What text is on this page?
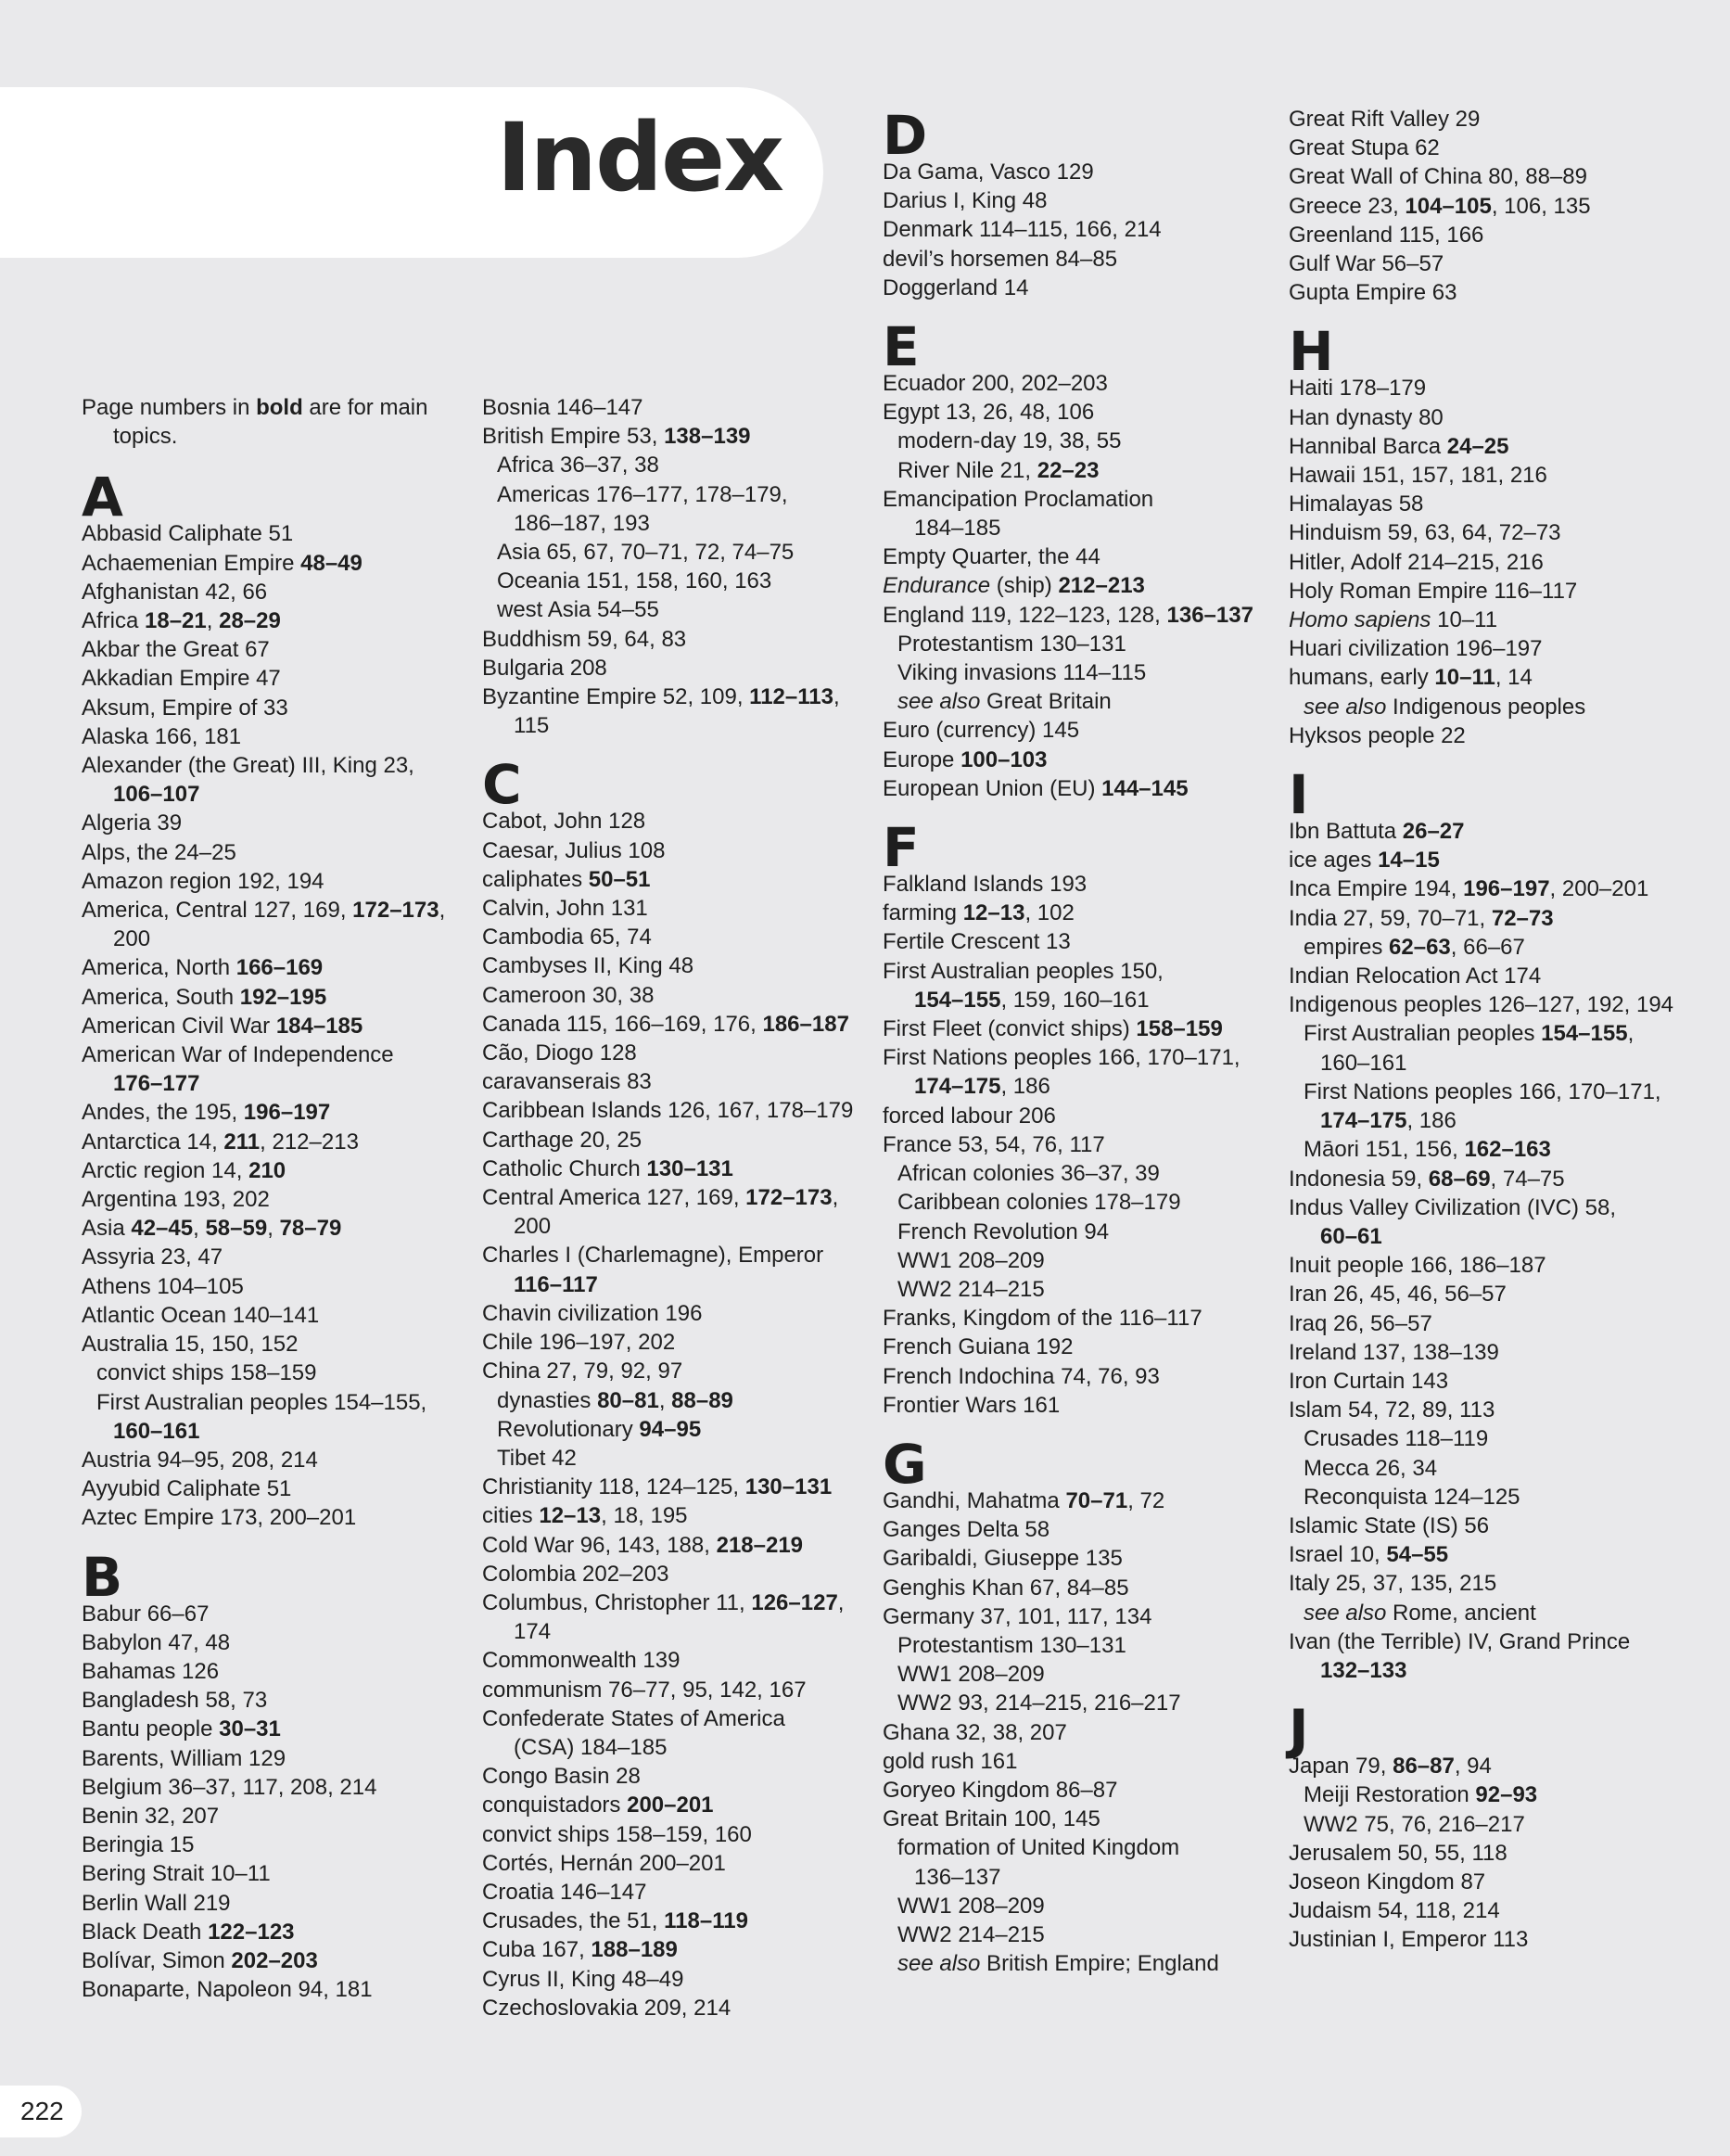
Index
Page numbers in bold are for main topics.
A
Abbasid Caliphate 51
Achaemenian Empire 48–49
Afghanistan 42, 66
Africa 18–21, 28–29
Akbar the Great 67
Akkadian Empire 47
Aksum, Empire of 33
Alaska 166, 181
Alexander (the Great) III, King 23,
106–107
Algeria 39
Alps, the 24–25
Amazon region 192, 194
America, Central 127, 169, 172–173,
200
America, North 166–169
America, South 192–195
American Civil War 184–185
American War of Independence
176–177
Andes, the 195, 196–197
Antarctica 14, 211, 212–213
Arctic region 14, 210
Argentina 193, 202
Asia 42–45, 58–59, 78–79
Assyria 23, 47
Athens 104–105
Atlantic Ocean 140–141
Australia 15, 150, 152
convict ships 158–159
First Australian peoples 154–155,
160–161
Austria 94–95, 208, 214
Ayyubid Caliphate 51
Aztec Empire 173, 200–201
B
Babur 66–67
Babylon 47, 48
Bahamas 126
Bangladesh 58, 73
Bantu people 30–31
Barents, William 129
Belgium 36–37, 117, 208, 214
Benin 32, 207
Beringia 15
Bering Strait 10–11
Berlin Wall 219
Black Death 122–123
Bolívar, Simon 202–203
Bonaparte, Napoleon 94, 181
Bosnia 146–147
British Empire 53, 138–139
Africa 36–37, 38
Americas 176–177, 178–179,
186–187, 193
Asia 65, 67, 70–71, 72, 74–75
Oceania 151, 158, 160, 163
west Asia 54–55
Buddhism 59, 64, 83
Bulgaria 208
Byzantine Empire 52, 109, 112–113,
115
C
Cabot, John 128
Caesar, Julius 108
caliphates 50–51
Calvin, John 131
Cambodia 65, 74
Cambyses II, King 48
Cameroon 30, 38
Canada 115, 166–169, 176, 186–187
Cão, Diogo 128
caravanserais 83
Caribbean Islands 126, 167, 178–179
Carthage 20, 25
Catholic Church 130–131
Central America 127, 169, 172–173,
200
Charles I (Charlemagne), Emperor
116–117
Chavin civilization 196
Chile 196–197, 202
China 27, 79, 92, 97
dynasties 80–81, 88–89
Revolutionary 94–95
Tibet 42
Christianity 118, 124–125, 130–131
cities 12–13, 18, 195
Cold War 96, 143, 188, 218–219
Colombia 202–203
Columbus, Christopher 11, 126–127,
174
Commonwealth 139
communism 76–77, 95, 142, 167
Confederate States of America
(CSA) 184–185
Congo Basin 28
conquistadors 200–201
convict ships 158–159, 160
Cortés, Hernán 200–201
Croatia 146–147
Crusades, the 51, 118–119
Cuba 167, 188–189
Cyrus II, King 48–49
Czechoslovakia 209, 214
D
Da Gama, Vasco 129
Darius I, King 48
Denmark 114–115, 166, 214
devil’s horsemen 84–85
Doggerland 14
E
Ecuador 200, 202–203
Egypt 13, 26, 48, 106
modern-day 19, 38, 55
River Nile 21, 22–23
Emancipation Proclamation
184–185
Empty Quarter, the 44
Endurance (ship) 212–213
England 119, 122–123, 128, 136–137
Protestantism 130–131
Viking invasions 114–115
see also Great Britain
Euro (currency) 145
Europe 100–103
European Union (EU) 144–145
F
Falkland Islands 193
farming 12–13, 102
Fertile Crescent 13
First Australian peoples 150,
154–155, 159, 160–161
First Fleet (convict ships) 158–159
First Nations peoples 166, 170–171,
174–175, 186
forced labour 206
France 53, 54, 76, 117
African colonies 36–37, 39
Caribbean colonies 178–179
French Revolution 94
WW1 208–209
WW2 214–215
Franks, Kingdom of the 116–117
French Guiana 192
French Indochina 74, 76, 93
Frontier Wars 161
G
Gandhi, Mahatma 70–71, 72
Ganges Delta 58
Garibaldi, Giuseppe 135
Genghis Khan 67, 84–85
Germany 37, 101, 117, 134
Protestantism 130–131
WW1 208–209
WW2 93, 214–215, 216–217
Ghana 32, 38, 207
gold rush 161
Goryeo Kingdom 86–87
Great Britain 100, 145
formation of United Kingdom
136–137
WW1 208–209
WW2 214–215
see also British Empire; England
Great Rift Valley 29
Great Stupa 62
Great Wall of China 80, 88–89
Greece 23, 104–105, 106, 135
Greenland 115, 166
Gulf War 56–57
Gupta Empire 63
H
Haiti 178–179
Han dynasty 80
Hannibal Barca 24–25
Hawaii 151, 157, 181, 216
Himalayas 58
Hinduism 59, 63, 64, 72–73
Hitler, Adolf 214–215, 216
Holy Roman Empire 116–117
Homo sapiens 10–11
Huari civilization 196–197
humans, early 10–11, 14
see also Indigenous peoples
Hyksos people 22
I
Ibn Battuta 26–27
ice ages 14–15
Inca Empire 194, 196–197, 200–201
India 27, 59, 70–71, 72–73
empires 62–63, 66–67
Indian Relocation Act 174
Indigenous peoples 126–127, 192, 194
First Australian peoples 154–155,
160–161
First Nations peoples 166, 170–171,
174–175, 186
Māori 151, 156, 162–163
Indonesia 59, 68–69, 74–75
Indus Valley Civilization (IVC) 58,
60–61
Inuit people 166, 186–187
Iran 26, 45, 46, 56–57
Iraq 26, 56–57
Ireland 137, 138–139
Iron Curtain 143
Islam 54, 72, 89, 113
Crusades 118–119
Mecca 26, 34
Reconquista 124–125
Islamic State (IS) 56
Israel 10, 54–55
Italy 25, 37, 135, 215
see also Rome, ancient
Ivan (the Terrible) IV, Grand Prince
132–133
J
Japan 79, 86–87, 94
Meiji Restoration 92–93
WW2 75, 76, 216–217
Jerusalem 50, 55, 118
Joseon Kingdom 87
Judaism 54, 118, 214
Justinian I, Emperor 113
222
